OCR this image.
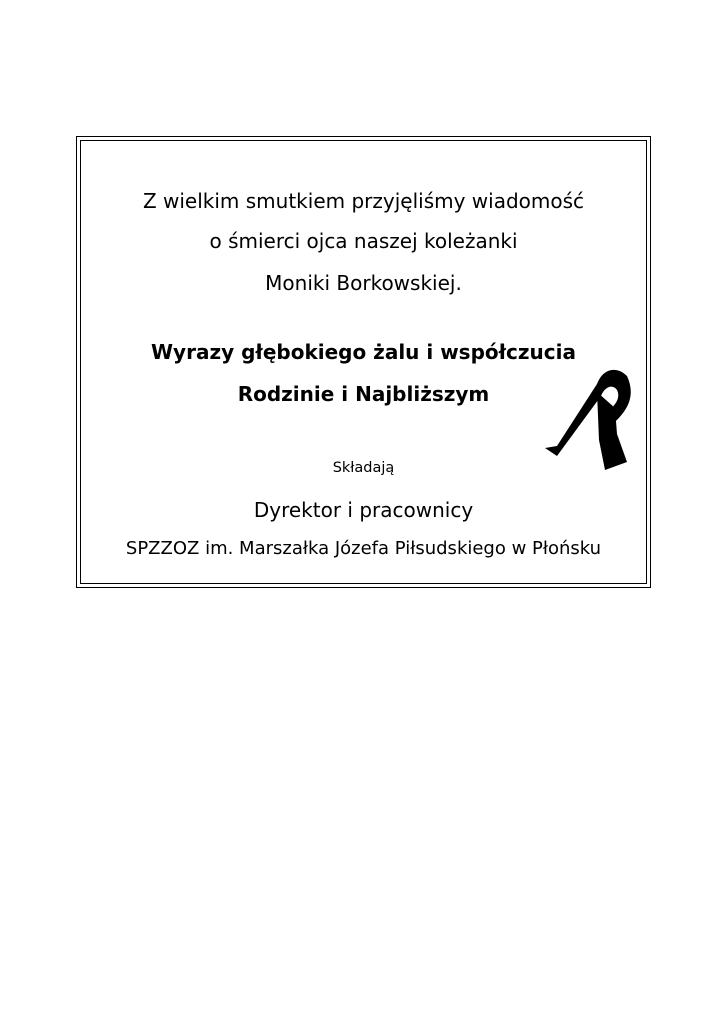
Z wielkim smutkiem przyjęliśmy wiadomość
o śmierci ojca naszej koleżanki
Moniki Borkowskiej.
Wyrazy głębokiego żalu i współczucia
Rodzinie i Najbliższym
Składają
Dyrektor i pracownicy
SPZZOZ im. Marszałka Józefa Piłsudskiego w Płońsku
